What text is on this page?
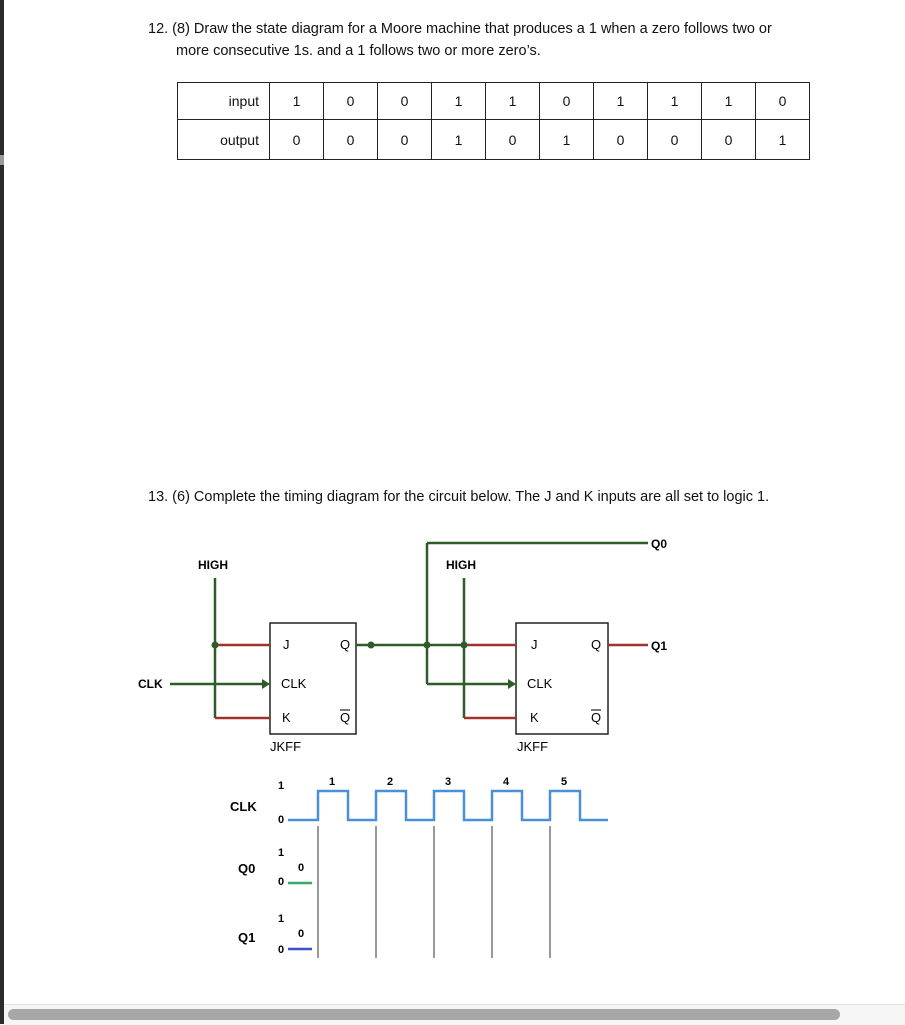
12. (8) Draw the state diagram for a Moore machine that produces a 1 when a zero follows two or
more consecutive 1s. and a 1 follows two or more zero’s.
input	1	0	0	1	1	0	1	1	1	0
output	0	0	0	1	0	1	0	0	0	1
13. (6) Complete the timing diagram for the circuit below. The J and K inputs are all set to logic 1.
HIGH	HIGH
Q0
Q1
CLK
J
CLK
K
Q
Q
JKFF
J
CLK
K
Q
Q
JKFF
CLK
Q0
Q1
1
0
1
0
0
1
0
0
1	2	3	4	5
